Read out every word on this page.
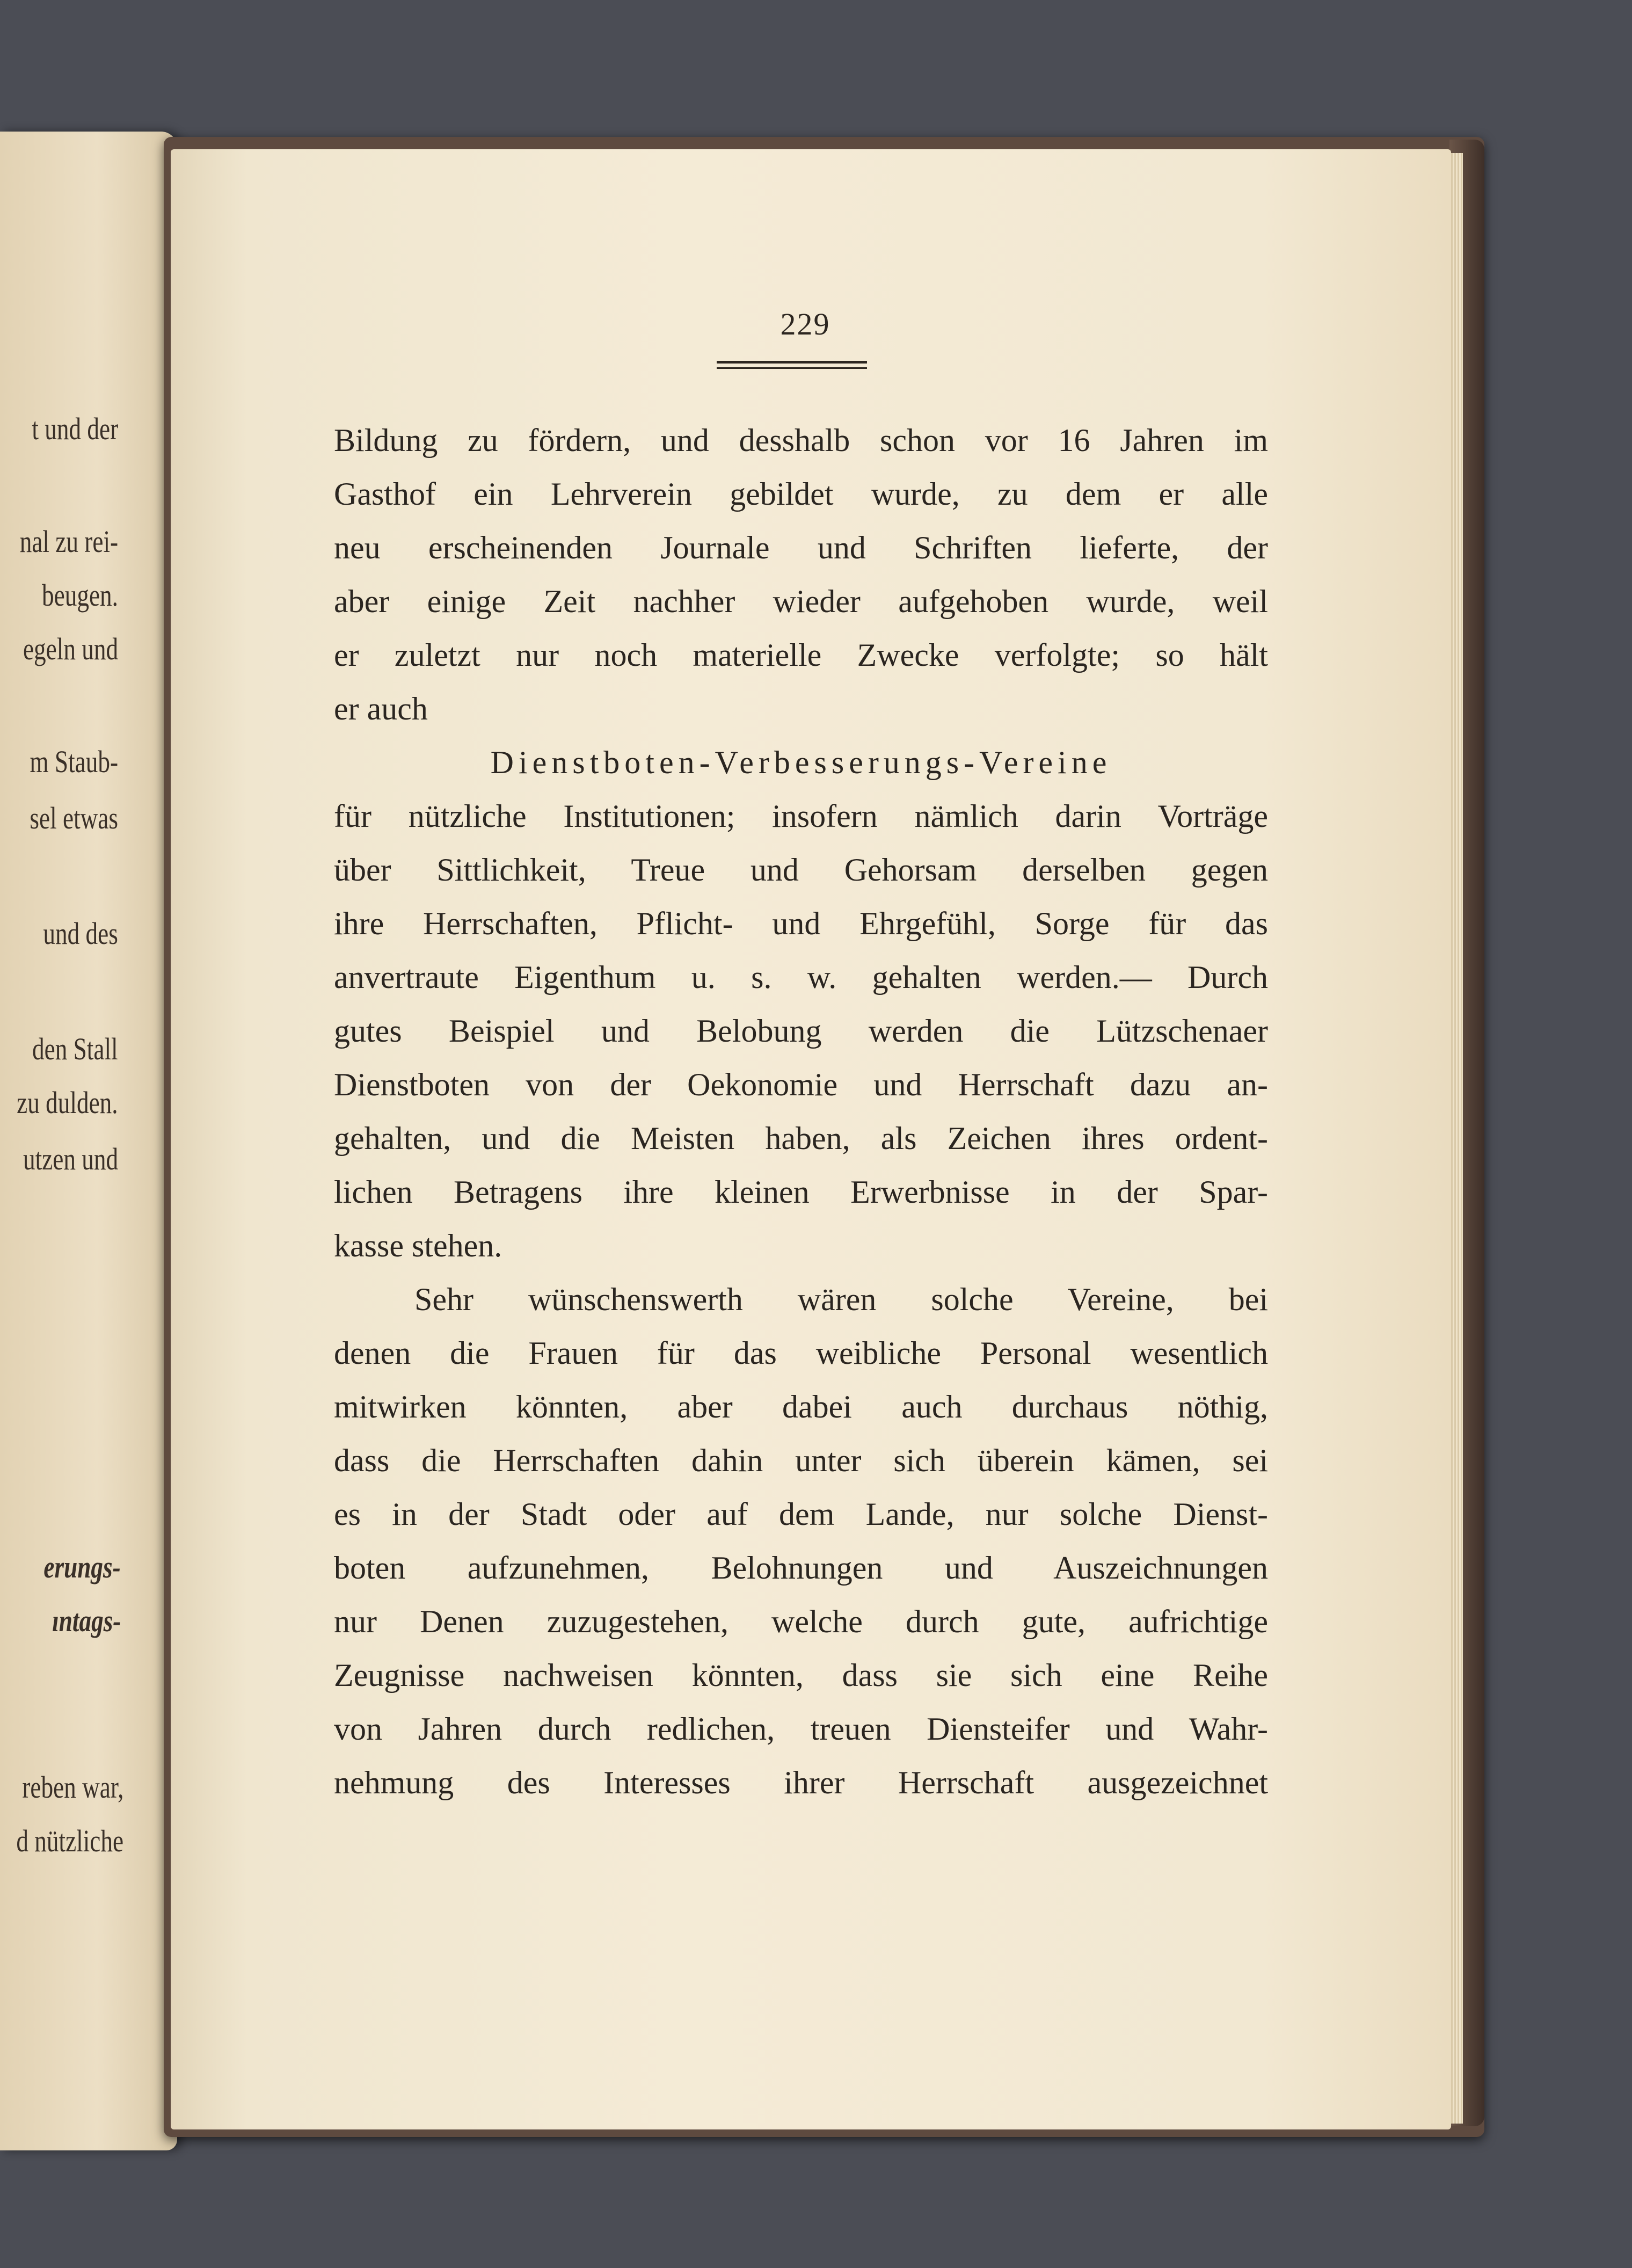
t und der
nal zu rei-
beugen.
egeln und
m Staub-
sel etwas
und des
den Stall
zu dulden.
utzen und
erungs-
ıntags-
reben war,
d nützliche
229
Bildung zu fördern, und desshalb schon vor 16 Jahren im
Gasthof ein Lehrverein gebildet wurde, zu dem er alle
neu erscheinenden Journale und Schriften lieferte, der
aber einige Zeit nachher wieder aufgehoben wurde, weil
er zuletzt nur noch materielle Zwecke verfolgte; so hält
er auch
Dienstboten-Verbesserungs-Vereine
für nützliche Institutionen; insofern nämlich darin Vorträge
über Sittlichkeit, Treue und Gehorsam derselben gegen
ihre Herrschaften, Pflicht- und Ehrgefühl, Sorge für das
anvertraute Eigenthum u. s. w. gehalten werden.— Durch
gutes Beispiel und Belobung werden die Lützschenaer
Dienstboten von der Oekonomie und Herrschaft dazu an-
gehalten, und die Meisten haben, als Zeichen ihres ordent-
lichen Betragens ihre kleinen Erwerbnisse in der Spar-
kasse stehen.
Sehr wünschenswerth wären solche Vereine, bei
denen die Frauen für das weibliche Personal wesentlich
mitwirken könnten, aber dabei auch durchaus nöthig,
dass die Herrschaften dahin unter sich überein kämen, sei
es in der Stadt oder auf dem Lande, nur solche Dienst-
boten aufzunehmen, Belohnungen und Auszeichnungen
nur Denen zuzugestehen, welche durch gute, aufrichtige
Zeugnisse nachweisen könnten, dass sie sich eine Reihe
von Jahren durch redlichen, treuen Diensteifer und Wahr-
nehmung des Interesses ihrer Herrschaft ausgezeichnet
